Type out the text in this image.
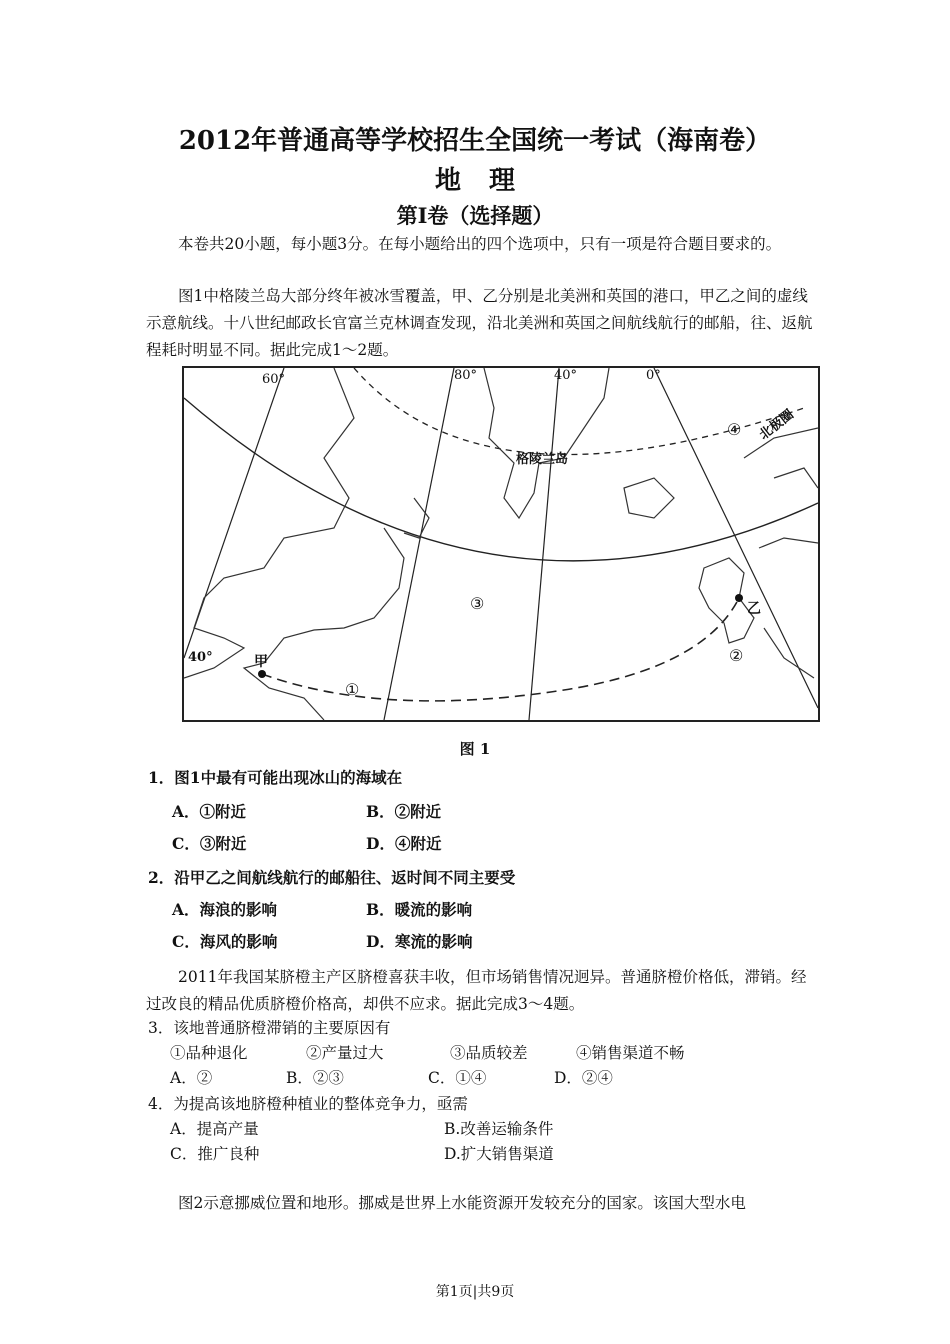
2012年普通高等学校招生全国统一考试（海南卷）
地理
第Ⅰ卷（选择题）
本卷共20小题，每小题3分。在每小题给出的四个选项中，只有一项是符合题目要求的。
图1中格陵兰岛大部分终年被冰雪覆盖，甲、乙分别是北美洲和英国的港口，甲乙之间的虚线示意航线。十八世纪邮政长官富兰克林调查发现，沿北美洲和英国之间航线航行的邮船，往、返航程耗时明显不同。据此完成1～2题。
60°	80°	40°	0°
40°
北极圈
格陵兰岛
甲
乙
①
②
③
④
图 1
1．图1中最有可能出现冰山的海域在
A．①附近	B．②附近
C．③附近	D．④附近
2．沿甲乙之间航线航行的邮船往、返时间不同主要受
A．海浪的影响	B．暖流的影响
C．海风的影响	D．寒流的影响
2011年我国某脐橙主产区脐橙喜获丰收，但市场销售情况迥异。普通脐橙价格低，滞销。经过改良的精品优质脐橙价格高，却供不应求。据此完成3～4题。
3．该地普通脐橙滞销的主要原因有
①品种退化	②产量过大	③品质较差	④销售渠道不畅
A．②	B．②③	C．①④	D．②④
4．为提高该地脐橙种植业的整体竞争力，亟需
A．提高产量	B.改善运输条件
C．推广良种	D.扩大销售渠道
图2示意挪威位置和地形。挪威是世界上水能资源开发较充分的国家。该国大型水电
第1页|共9页
